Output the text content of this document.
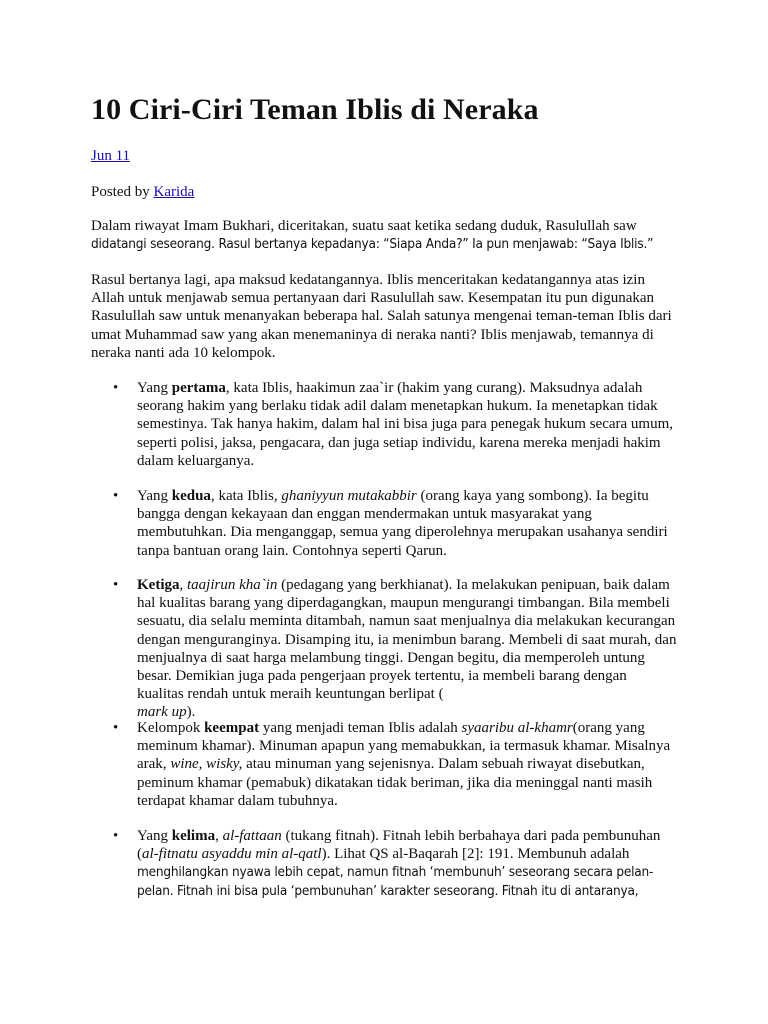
10 Ciri-Ciri Teman Iblis di Neraka
Jun 11
Posted by Karida

Dalam riwayat Imam Bukhari, diceritakan, suatu saat ketika sedang duduk, Rasulullah saw
didatangi seseorang. Rasul bertanya kepadanya: “Siapa Anda?” Ia pun menjawab: “Saya Iblis.”

Rasul bertanya lagi, apa maksud kedatangannya. Iblis menceritakan kedatangannya atas izin
Allah untuk menjawab semua pertanyaan dari Rasulullah saw. Kesempatan itu pun digunakan
Rasulullah saw untuk menanyakan beberapa hal. Salah satunya mengenai teman-teman Iblis dari
umat Muhammad saw yang akan menemaninya di neraka nanti? Iblis menjawab, temannya di
neraka nanti ada 10 kelompok.

• Yang pertama, kata Iblis, haakimun zaa`ir (hakim yang curang). Maksudnya adalah
seorang hakim yang berlaku tidak adil dalam menetapkan hukum. Ia menetapkan tidak
semestinya. Tak hanya hakim, dalam hal ini bisa juga para penegak hukum secara umum,
seperti polisi, jaksa, pengacara, dan juga setiap individu, karena mereka menjadi hakim
dalam keluarganya.
• Yang kedua, kata Iblis, ghaniyyun mutakabbir (orang kaya yang sombong). Ia begitu
bangga dengan kekayaan dan enggan mendermakan untuk masyarakat yang
membutuhkan. Dia menganggap, semua yang diperolehnya merupakan usahanya sendiri
tanpa bantuan orang lain. Contohnya seperti Qarun.
• Ketiga, taajirun kha`in (pedagang yang berkhianat). Ia melakukan penipuan, baik dalam
hal kualitas barang yang diperdagangkan, maupun mengurangi timbangan. Bila membeli
sesuatu, dia selalu meminta ditambah, namun saat menjualnya dia melakukan kecurangan
dengan menguranginya. Disamping itu, ia menimbun barang. Membeli di saat murah, dan
menjualnya di saat harga melambung tinggi. Dengan begitu, dia memperoleh untung
besar. Demikian juga pada pengerjaan proyek tertentu, ia membeli barang dengan
kualitas rendah untuk meraih keuntungan berlipat (
mark up).
• Kelompok keempat yang menjadi teman Iblis adalah syaaribu al-khamr(orang yang
meminum khamar). Minuman apapun yang memabukkan, ia termasuk khamar. Misalnya
arak, wine, wisky, atau minuman yang sejenisnya. Dalam sebuah riwayat disebutkan,
peminum khamar (pemabuk) dikatakan tidak beriman, jika dia meninggal nanti masih
terdapat khamar dalam tubuhnya.
• Yang kelima, al-fattaan (tukang fitnah). Fitnah lebih berbahaya dari pada pembunuhan
(al-fitnatu asyaddu min al-qatl). Lihat QS al-Baqarah [2]: 191. Membunuh adalah
menghilangkan nyawa lebih cepat, namun fitnah ‘membunuh’ seseorang secara pelan-
pelan. Fitnah ini bisa pula ‘pembunuhan’ karakter seseorang. Fitnah itu di antaranya,
